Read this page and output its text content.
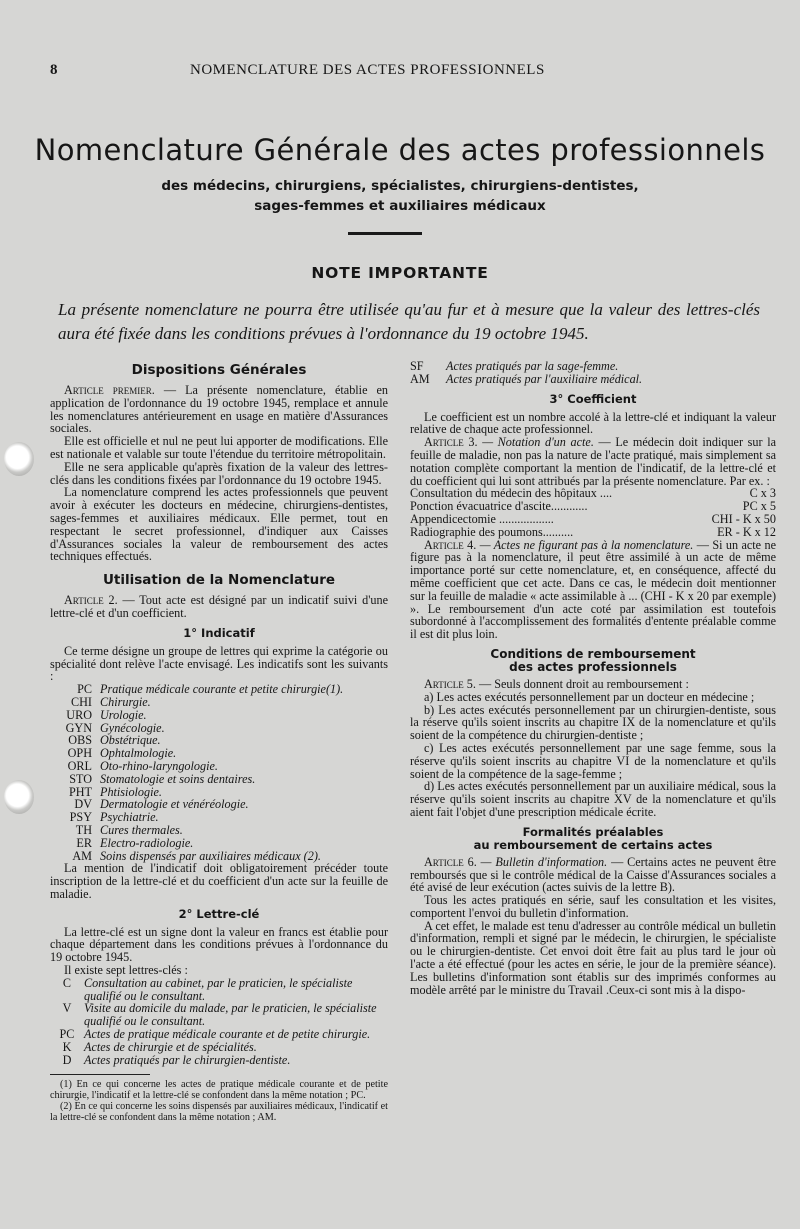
8	NOMENCLATURE DES ACTES PROFESSIONNELS
Nomenclature Générale des actes professionnels
des médecins, chirurgiens, spécialistes, chirurgiens-dentistes,
sages-femmes et auxiliaires médicaux
NOTE IMPORTANTE
La présente nomenclature ne pourra être utilisée qu'au fur et à mesure que la valeur des lettres-clés aura été fixée dans les conditions prévues à l'ordonnance du 19 octobre 1945.
Dispositions Générales

Article premier. — La présente nomenclature, établie en application de l'ordonnance du 19 octobre 1945, remplace et annule les nomenclatures antérieurement en usage en matière d'Assurances sociales.

Elle est officielle et nul ne peut lui apporter de modifications. Elle est nationale et valable sur toute l'étendue du territoire métropolitain.

Elle ne sera applicable qu'après fixation de la valeur des lettres-clés dans les conditions fixées par l'ordonnance du 19 octobre 1945.

La nomenclature comprend les actes professionnels que peuvent avoir à exécuter les docteurs en médecine, chirurgiens-dentistes, sages-femmes et auxiliaires médicaux. Elle permet, tout en respectant le secret professionnel, d'indiquer aux Caisses d'Assurances sociales la valeur de remboursement des actes techniques effectués.

Utilisation de la Nomenclature

Article 2. — Tout acte est désigné par un indicatif suivi d'une lettre-clé et d'un coefficient.

1° Indicatif

Ce terme désigne un groupe de lettres qui exprime la catégorie ou spécialité dont relève l'acte envisagé. Les indicatifs sont les suivants :

PC Pratique médicale courante et petite chirurgie(1).
CHI Chirurgie.
URO Urologie.
GYN Gynécologie.
OBS Obstétrique.
OPH Ophtalmologie.
ORL Oto-rhino-laryngologie.
STO Stomatologie et soins dentaires.
PHT Phtisiologie.
DV Dermatologie et vénéréologie.
PSY Psychiatrie.
TH Cures thermales.
ER Electro-radiologie.
AM Soins dispensés par auxiliaires médicaux (2).

La mention de l'indicatif doit obligatoirement précéder toute inscription de la lettre-clé et du coefficient d'un acte sur la feuille de maladie.

2° Lettre-clé

La lettre-clé est un signe dont la valeur en francs est établie pour chaque département dans les conditions prévues à l'ordonnance du 19 octobre 1945.

Il existe sept lettres-clés :

C	Consultation au cabinet, par le praticien, le spécialiste qualifié ou le consultant.
V	Visite au domicile du malade, par le praticien, le spécialiste qualifié ou le consultant.
PC Actes de pratique médicale courante et de petite chirurgie.
K	Actes de chirurgie et de spécialités.
D	Actes pratiqués par le chirurgien-dentiste.

(1) En ce qui concerne les actes de pratique médicale courante et de petite chirurgie, l'indicatif et la lettre-clé se confondent dans la même notation ; PC.

(2) En ce qui concerne les soins dispensés par auxiliaires médicaux, l'indicatif et la lettre-clé se confondent dans la même notation ; AM.

SF	Actes pratiqués par la sage-femme.
AM	Actes pratiqués par l'auxiliaire médical.
3° Coefficient

Le coefficient est un nombre accolé à la lettre-clé et indiquant la valeur relative de chaque acte professionnel.

Article 3. — Notation d'un acte. — Le médecin doit indiquer sur la feuille de maladie, non pas la nature de l'acte pratiqué, mais simplement sa notation complète comportant la mention de l'indicatif, de la lettre-clé et du coefficient qui lui sont attribués par la présente nomenclature. Par ex. :

Consultation du médecin des hôpitaux ....	C x 3
Ponction évacuatrice d'ascite............	PC x 5
Appendicectomie ..................	CHI - K x 50
Radiographie des poumons..........	ER - K x 12

Article 4. — Actes ne figurant pas à la nomenclature. — Si un acte ne figure pas à la nomenclature, il peut être assimilé à un acte de même importance porté sur cette nomenclature, et, en conséquence, affecté du même coefficient que cet acte. Dans ce cas, le médecin doit mentionner sur la feuille de maladie « acte assimilable à ... (CHI - K x 20 par exemple) ». Le remboursement d'un acte coté par assimilation est toutefois subordonné à l'accomplissement des formalités d'entente préalable comme il est dit plus loin.

Conditions de remboursement
des actes professionnels

Article 5. — Seuls donnent droit au remboursement :

a) Les actes exécutés personnellement par un docteur en médecine ;

b) Les actes exécutés personnellement par un chirurgien-dentiste, sous la réserve qu'ils soient inscrits au chapitre IX de la nomenclature et qu'ils soient de la compétence du chirurgien-dentiste ;

c) Les actes exécutés personnellement par une sage femme, sous la réserve qu'ils soient inscrits au chapitre VI de la nomenclature et qu'ils soient de la compétence de la sage-femme ;

d) Les actes exécutés personnellement par un auxiliaire médical, sous la réserve qu'ils soient inscrits au chapitre XV de la nomenclature et qu'ils aient fait l'objet d'une prescription médicale écrite.

Formalités préalables
au remboursement de certains actes

Article 6. — Bulletin d'information. — Certains actes ne peuvent être remboursés que si le contrôle médical de la Caisse d'Assurances sociales a été avisé de leur exécution (actes suivis de la lettre B).

Tous les actes pratiqués en série, sauf les consultation et les visites, comportent l'envoi du bulletin d'information.

A cet effet, le malade est tenu d'adresser au contrôle médical un bulletin d'information, rempli et signé par le médecin, le chirurgien, le spécialiste ou le chirurgien-dentiste. Cet envoi doit être fait au plus tard le jour où l'acte a été effectué (pour les actes en série, le jour de la première séance). Les bulletins d'information sont établis sur des imprimés conformes au modèle arrêté par le ministre du Travail .Ceux-ci sont mis à la dispo-
